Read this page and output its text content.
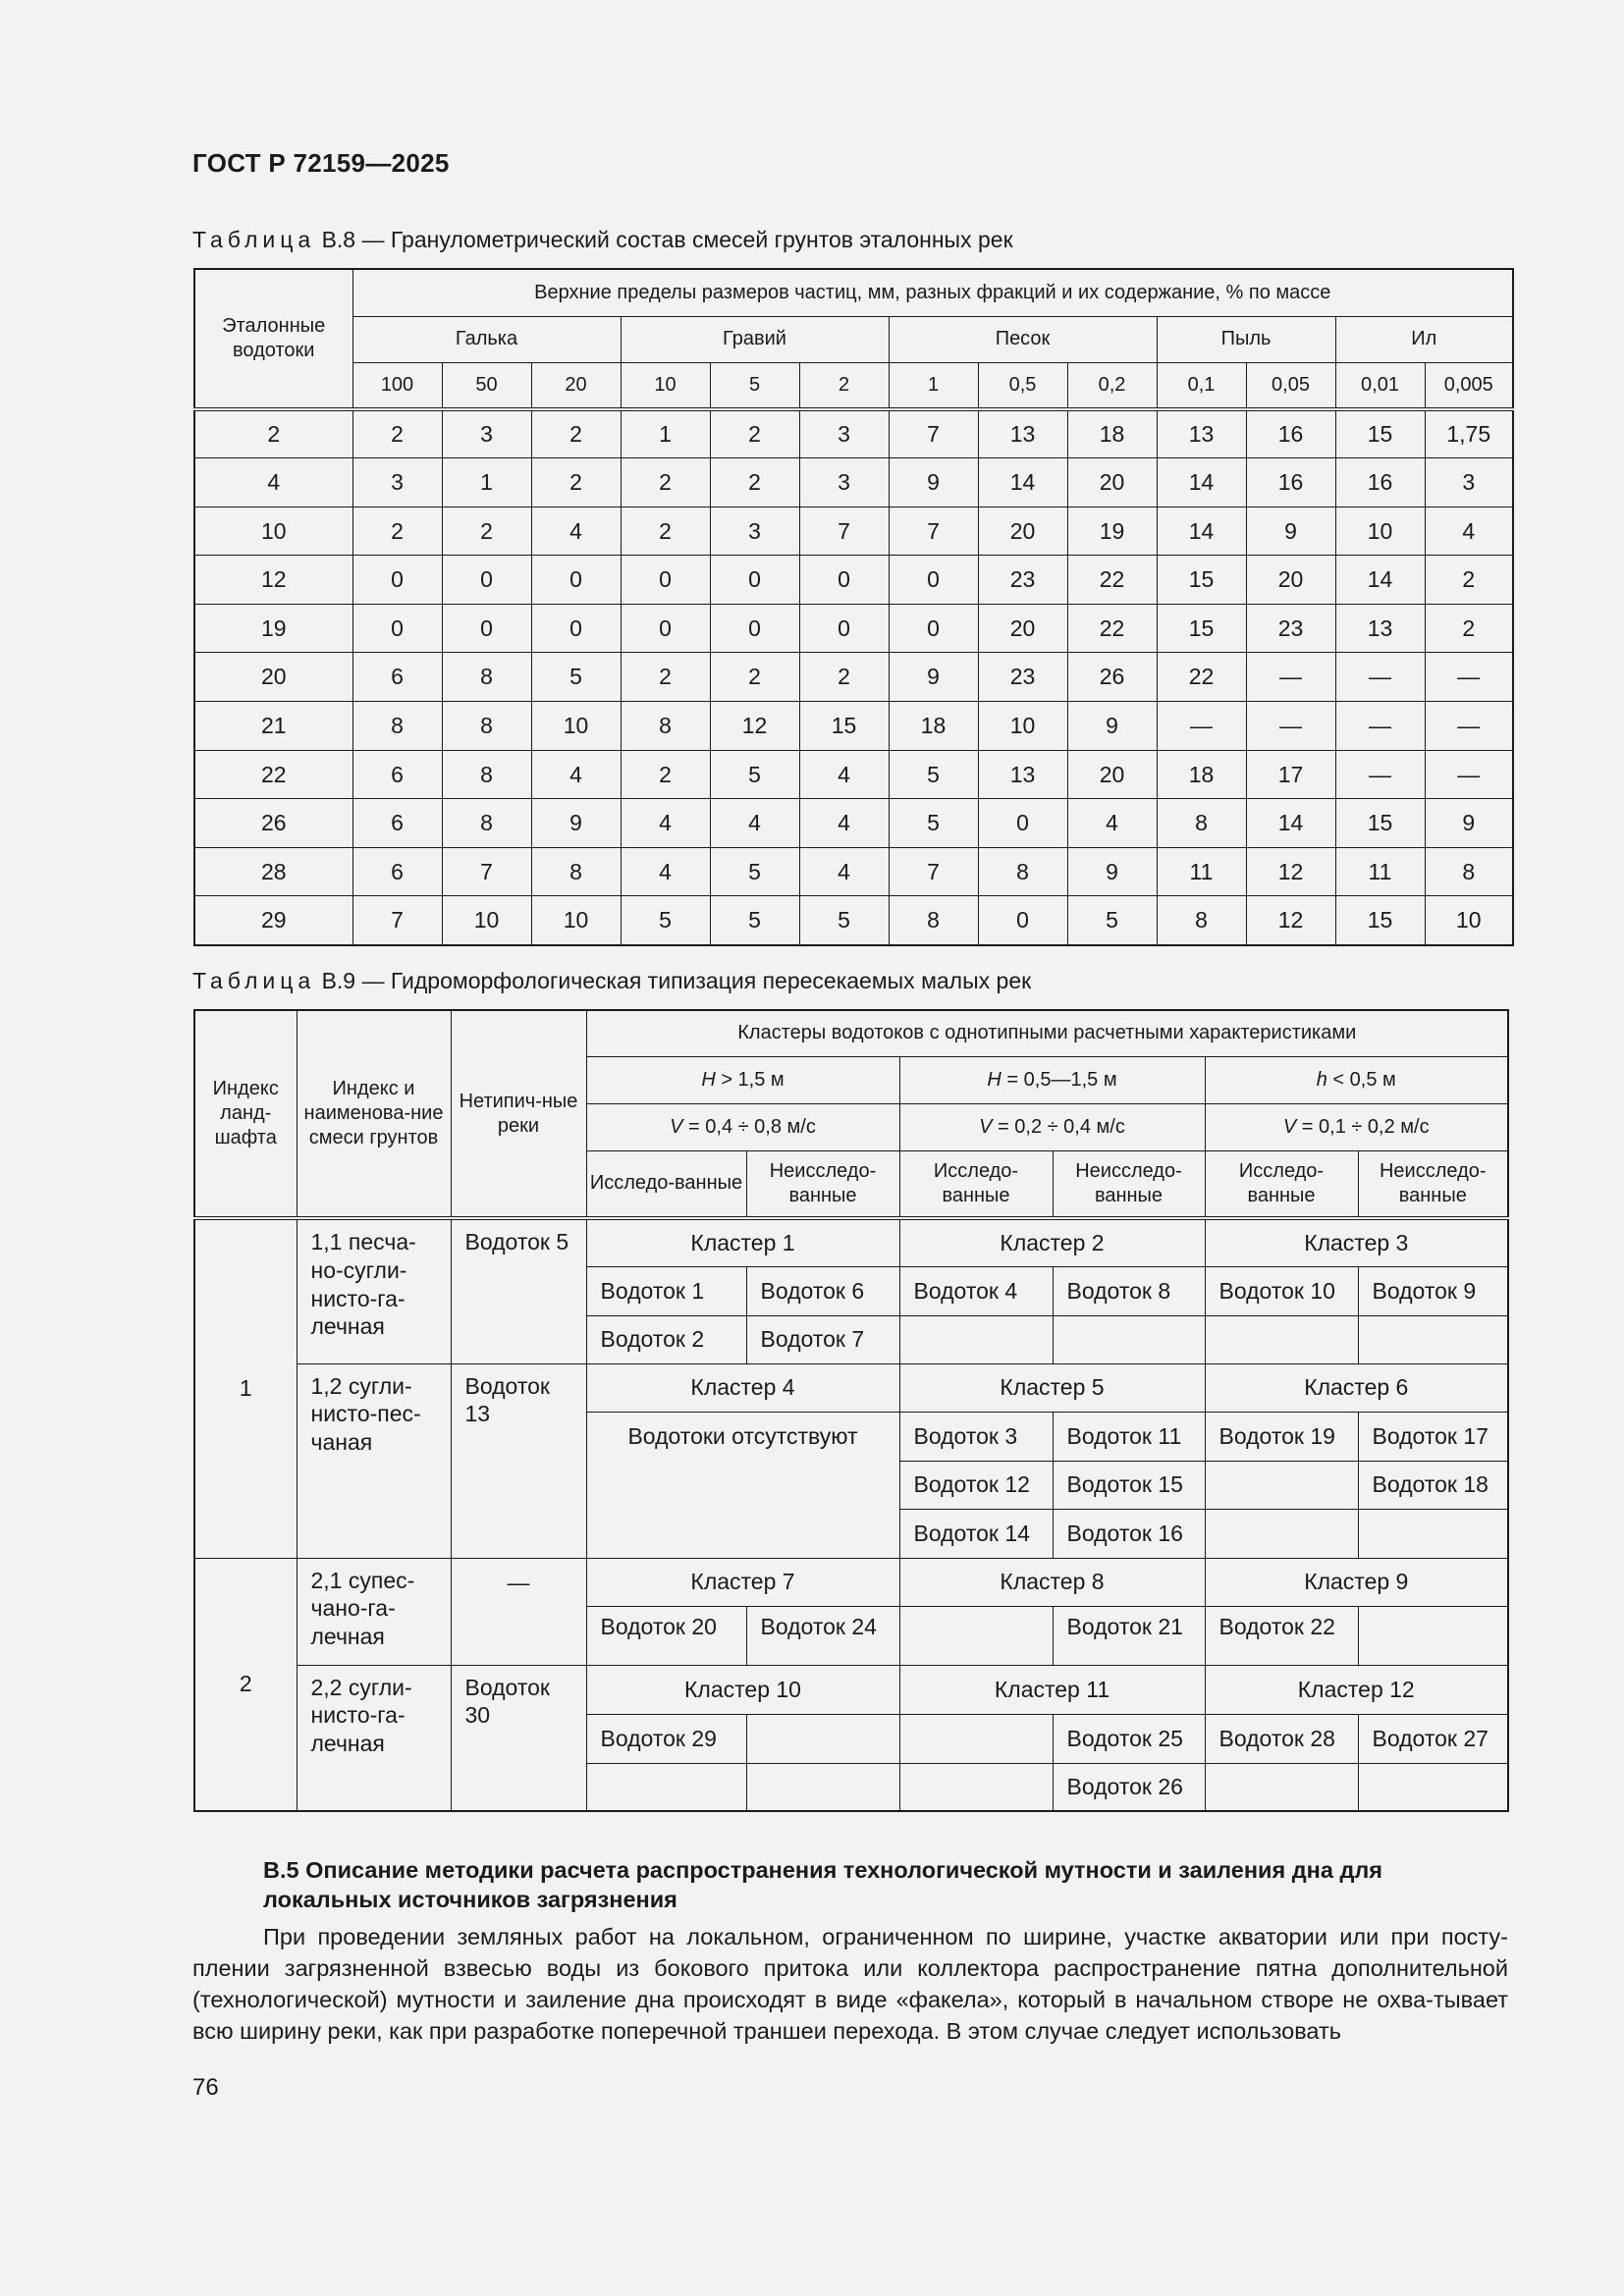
ГОСТ Р 72159—2025
Таблица В.8 — Гранулометрический состав смесей грунтов эталонных рек
Эталонные водотоки	Верхние пределы размеров частиц, мм, разных фракций и их содержание, % по массе												
	Галька			Гравий			Песок			Пыль		Ил	
	100	50	20	10	5	2	1	0,5	0,2	0,1	0,05	0,01	0,005
2	2	3	2	1	2	3	7	13	18	13	16	15	1,75
4	3	1	2	2	2	3	9	14	20	14	16	16	3
10	2	2	4	2	3	7	7	20	19	14	9	10	4
12	0	0	0	0	0	0	0	23	22	15	20	14	2
19	0	0	0	0	0	0	0	20	22	15	23	13	2
20	6	8	5	2	2	2	9	23	26	22	—	—	—
21	8	8	10	8	12	15	18	10	9	—	—	—	—
22	6	8	4	2	5	4	5	13	20	18	17	—	—
26	6	8	9	4	4	4	5	0	4	8	14	15	9
28	6	7	8	4	5	4	7	8	9	11	12	11	8
29	7	10	10	5	5	5	8	0	5	8	12	15	10
Таблица В.9 — Гидроморфологическая типизация пересекаемых малых рек
Индекс ланд-шафта	Индекс и наименова-ние смеси грунтов	Нетипич-ные реки	Кластеры водотоков с однотипными расчетными характеристиками					
			H > 1,5 м		H = 0,5—1,5 м		h < 0,5 м	
			V = 0,4 ÷ 0,8 м/с		V = 0,2 ÷ 0,4 м/с		V = 0,1 ÷ 0,2 м/с	
			Исследо-ванные	Неисследо-ванные	Исследо-ванные	Неисследо-ванные	Исследо-ванные	Неисследо-ванные
1	1,1 песча-но-сугли-нисто-га-лечная	Водоток 5	Кластер 1		Кластер 2		Кластер 3	
			Водоток 1	Водоток 6	Водоток 4	Водоток 8	Водоток 10	Водоток 9
			Водоток 2	Водоток 7				
	1,2 сугли-нисто-пес-чаная	Водоток 13	Кластер 4		Кластер 5		Кластер 6	
			Водотоки отсутствуют		Водоток 3	Водоток 11	Водоток 19	Водоток 17
					Водоток 12	Водоток 15		Водоток 18
					Водоток 14	Водоток 16		
2	2,1 супес-чано-га-лечная	—	Кластер 7		Кластер 8		Кластер 9	
			Водоток 20	Водоток 24		Водоток 21	Водоток 22	
	2,2 сугли-нисто-га-лечная	Водоток 30	Кластер 10		Кластер 11		Кластер 12	
			Водоток 29			Водоток 25	Водоток 28	Водоток 27
						Водоток 26		
В.5 Описание методики расчета распространения технологической мутности и заиления дна для локальных источников загрязнения
При проведении земляных работ на локальном, ограниченном по ширине, участке акватории или при посту-плении загрязненной взвесью воды из бокового притока или коллектора распространение пятна дополнительной (технологической) мутности и заиление дна происходят в виде «факела», который в начальном створе не охва-тывает всю ширину реки, как при разработке поперечной траншеи перехода. В этом случае следует использовать
76
